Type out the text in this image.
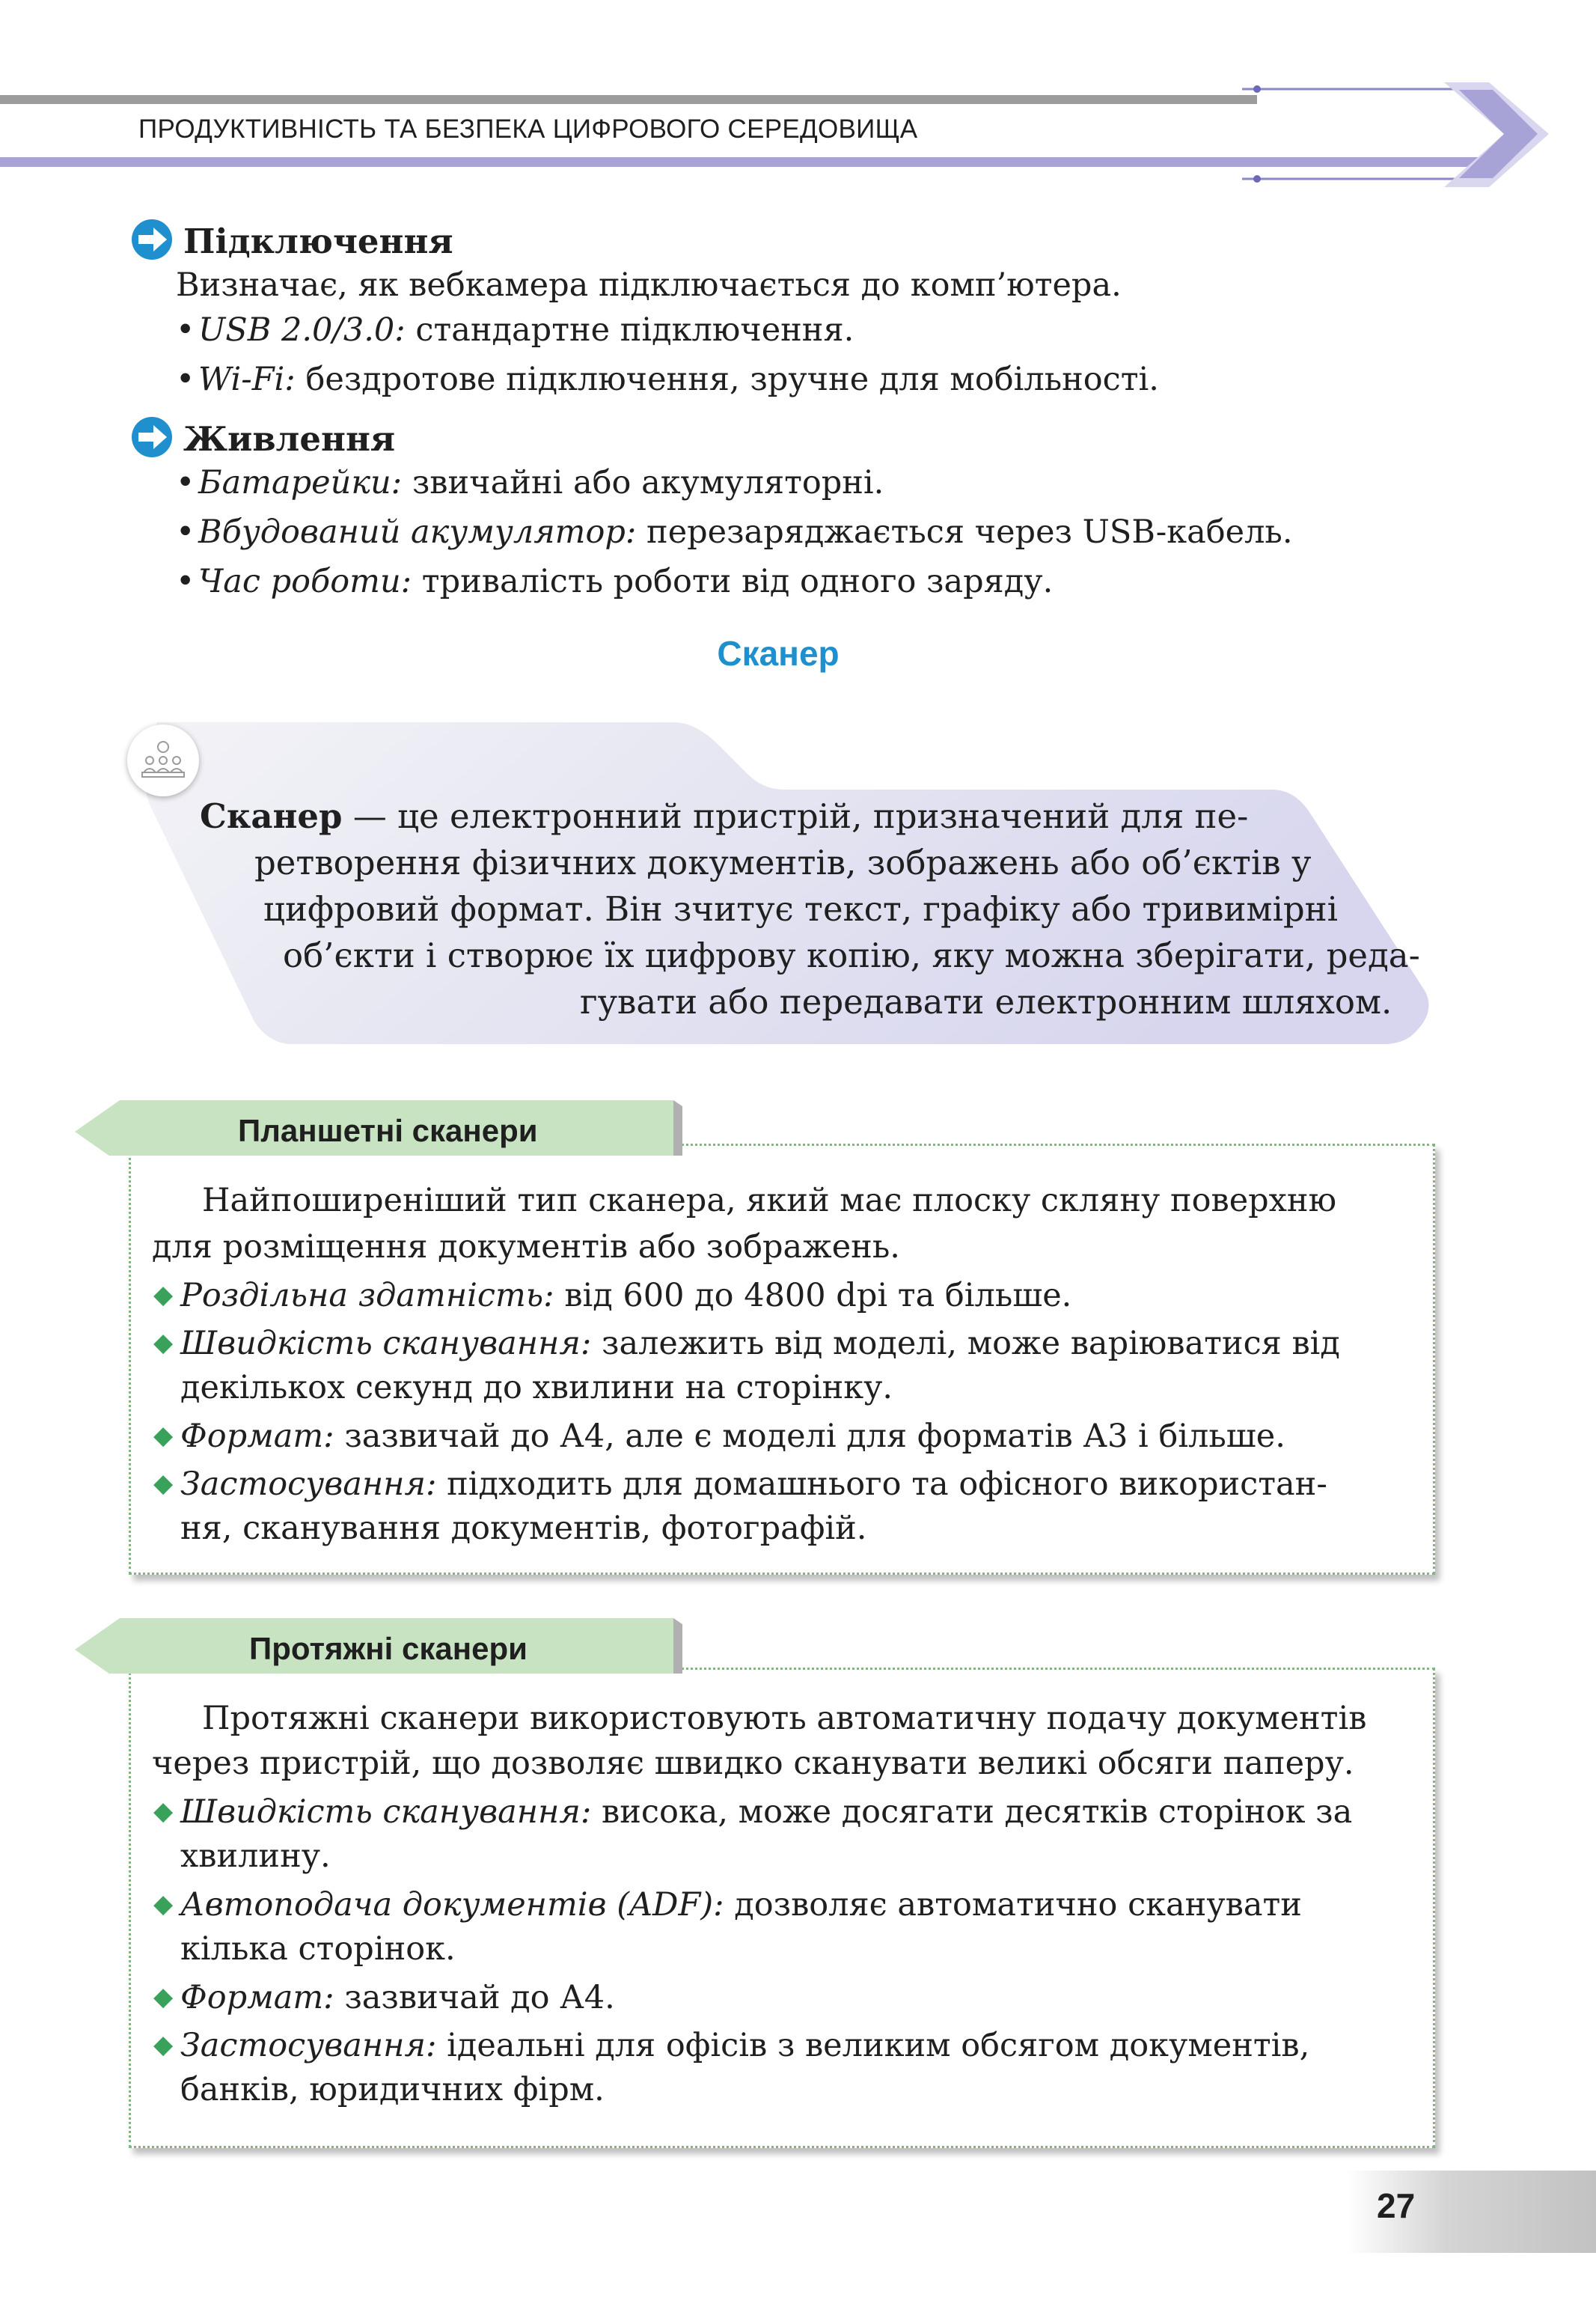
ПРОДУКТИВНІСТЬ ТА БЕЗПЕКА ЦИФРОВОГО СЕРЕДОВИЩА
Підключення
Визначає, як вебкамера підключається до комп’ютера.
• USB 2.0/3.0: стандартне підключення.
• Wi-Fi: бездротове підключення, зручне для мобільності.
Живлення
• Батарейки: звичайні або акумуляторні.
• Вбудований акумулятор: перезаряджається через USB-кабель.
• Час роботи: тривалість роботи від одного заряду.
Сканер
Сканер — це електронний пристрій, призначений для пе-
ретворення фізичних документів, зображень або об’єктів у
цифровий формат. Він зчитує текст, графіку або тривимірні
об’єкти і створює їх цифрову копію, яку можна зберігати, реда-
гувати або передавати електронним шляхом.
Планшетні сканери
Найпоширеніший тип сканера, який має плоску скляну поверхню
для розміщення документів або зображень.
◆ Роздільна здатність: від 600 до 4800 dpi та більше.
◆ Швидкість сканування: залежить від моделі, може варіюватися від
декількох секунд до хвилини на сторінку.
◆ Формат: зазвичай до А4, але є моделі для форматів А3 і більше.
◆ Застосування: підходить для домашнього та офісного використан-
ня, сканування документів, фотографій.
Протяжні сканери
Протяжні сканери використовують автоматичну подачу документів
через пристрій, що дозволяє швидко сканувати великі обсяги паперу.
◆ Швидкість сканування: висока, може досягати десятків сторінок за
хвилину.
◆ Автоподача документів (ADF): дозволяє автоматично сканувати
кілька сторінок.
◆ Формат: зазвичай до А4.
◆ Застосування: ідеальні для офісів з великим обсягом документів,
банків, юридичних фірм.
27
